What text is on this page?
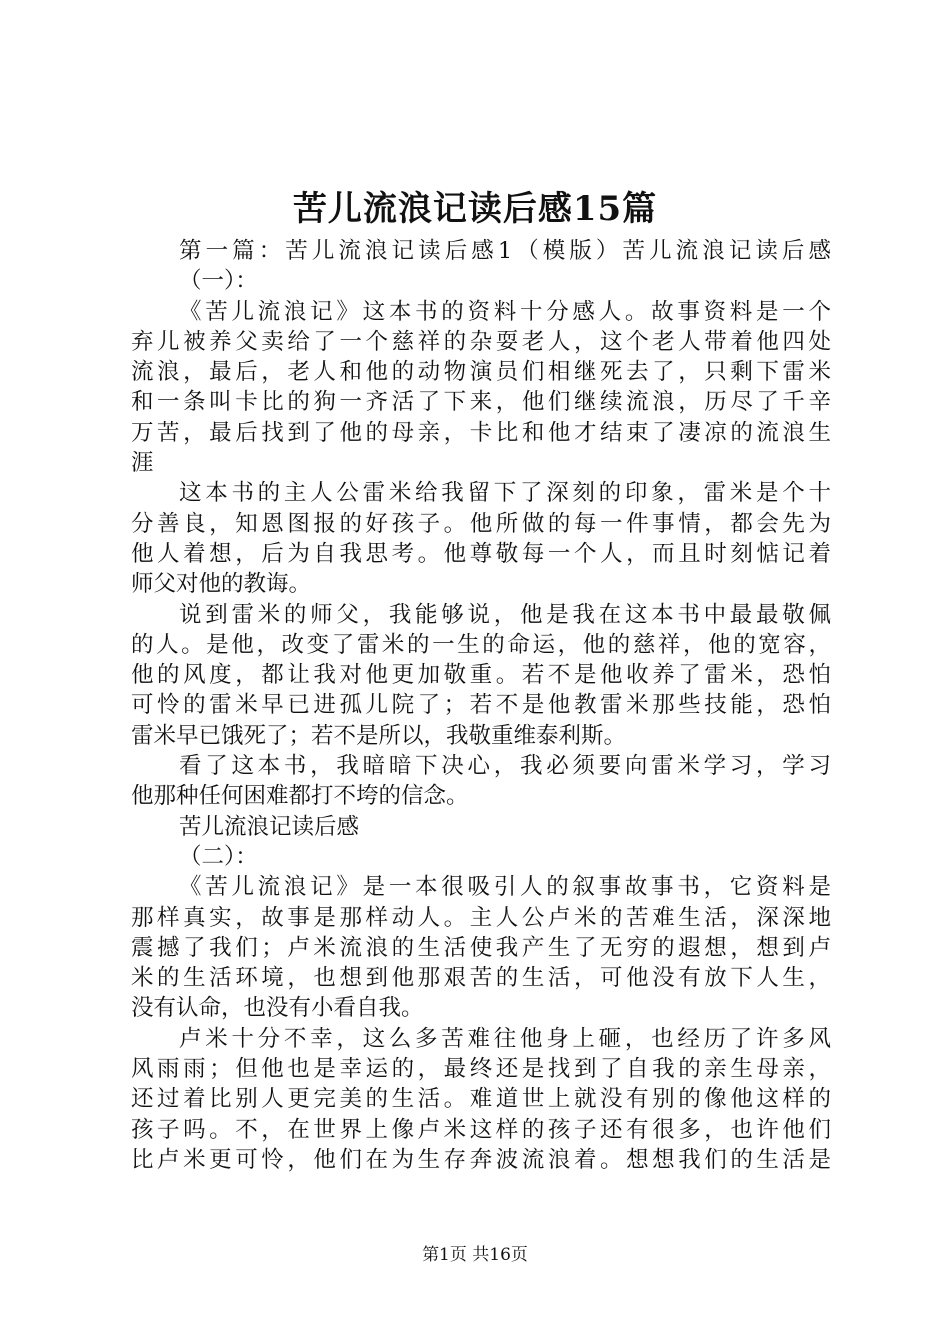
苦儿流浪记读后感15篇
第一篇：苦儿流浪记读后感1（模版）苦儿流浪记读后感
（一）：
《苦儿流浪记》这本书的资料十分感人。故事资料是一个
弃儿被养父卖给了一个慈祥的杂耍老人，这个老人带着他四处
流浪，最后，老人和他的动物演员们相继死去了，只剩下雷米
和一条叫卡比的狗一齐活了下来，他们继续流浪，历尽了千辛
万苦，最后找到了他的母亲，卡比和他才结束了凄凉的流浪生
涯
这本书的主人公雷米给我留下了深刻的印象，雷米是个十
分善良，知恩图报的好孩子。他所做的每一件事情，都会先为
他人着想，后为自我思考。他尊敬每一个人，而且时刻惦记着
师父对他的教诲。
说到雷米的师父，我能够说，他是我在这本书中最最敬佩
的人。是他，改变了雷米的一生的命运，他的慈祥，他的宽容，
他的风度，都让我对他更加敬重。若不是他收养了雷米，恐怕
可怜的雷米早已进孤儿院了；若不是他教雷米那些技能，恐怕
雷米早已饿死了；若不是所以，我敬重维泰利斯。
看了这本书，我暗暗下决心，我必须要向雷米学习，学习
他那种任何困难都打不垮的信念。
苦儿流浪记读后感
（二）：
《苦儿流浪记》是一本很吸引人的叙事故事书，它资料是
那样真实，故事是那样动人。主人公卢米的苦难生活，深深地
震撼了我们；卢米流浪的生活使我产生了无穷的遐想，想到卢
米的生活环境，也想到他那艰苦的生活，可他没有放下人生，
没有认命，也没有小看自我。
卢米十分不幸，这么多苦难往他身上砸，也经历了许多风
风雨雨；但他也是幸运的，最终还是找到了自我的亲生母亲，
还过着比别人更完美的生活。难道世上就没有别的像他这样的
孩子吗。不，在世界上像卢米这样的孩子还有很多，也许他们
比卢米更可怜，他们在为生存奔波流浪着。想想我们的生活是
第1页 共16页
